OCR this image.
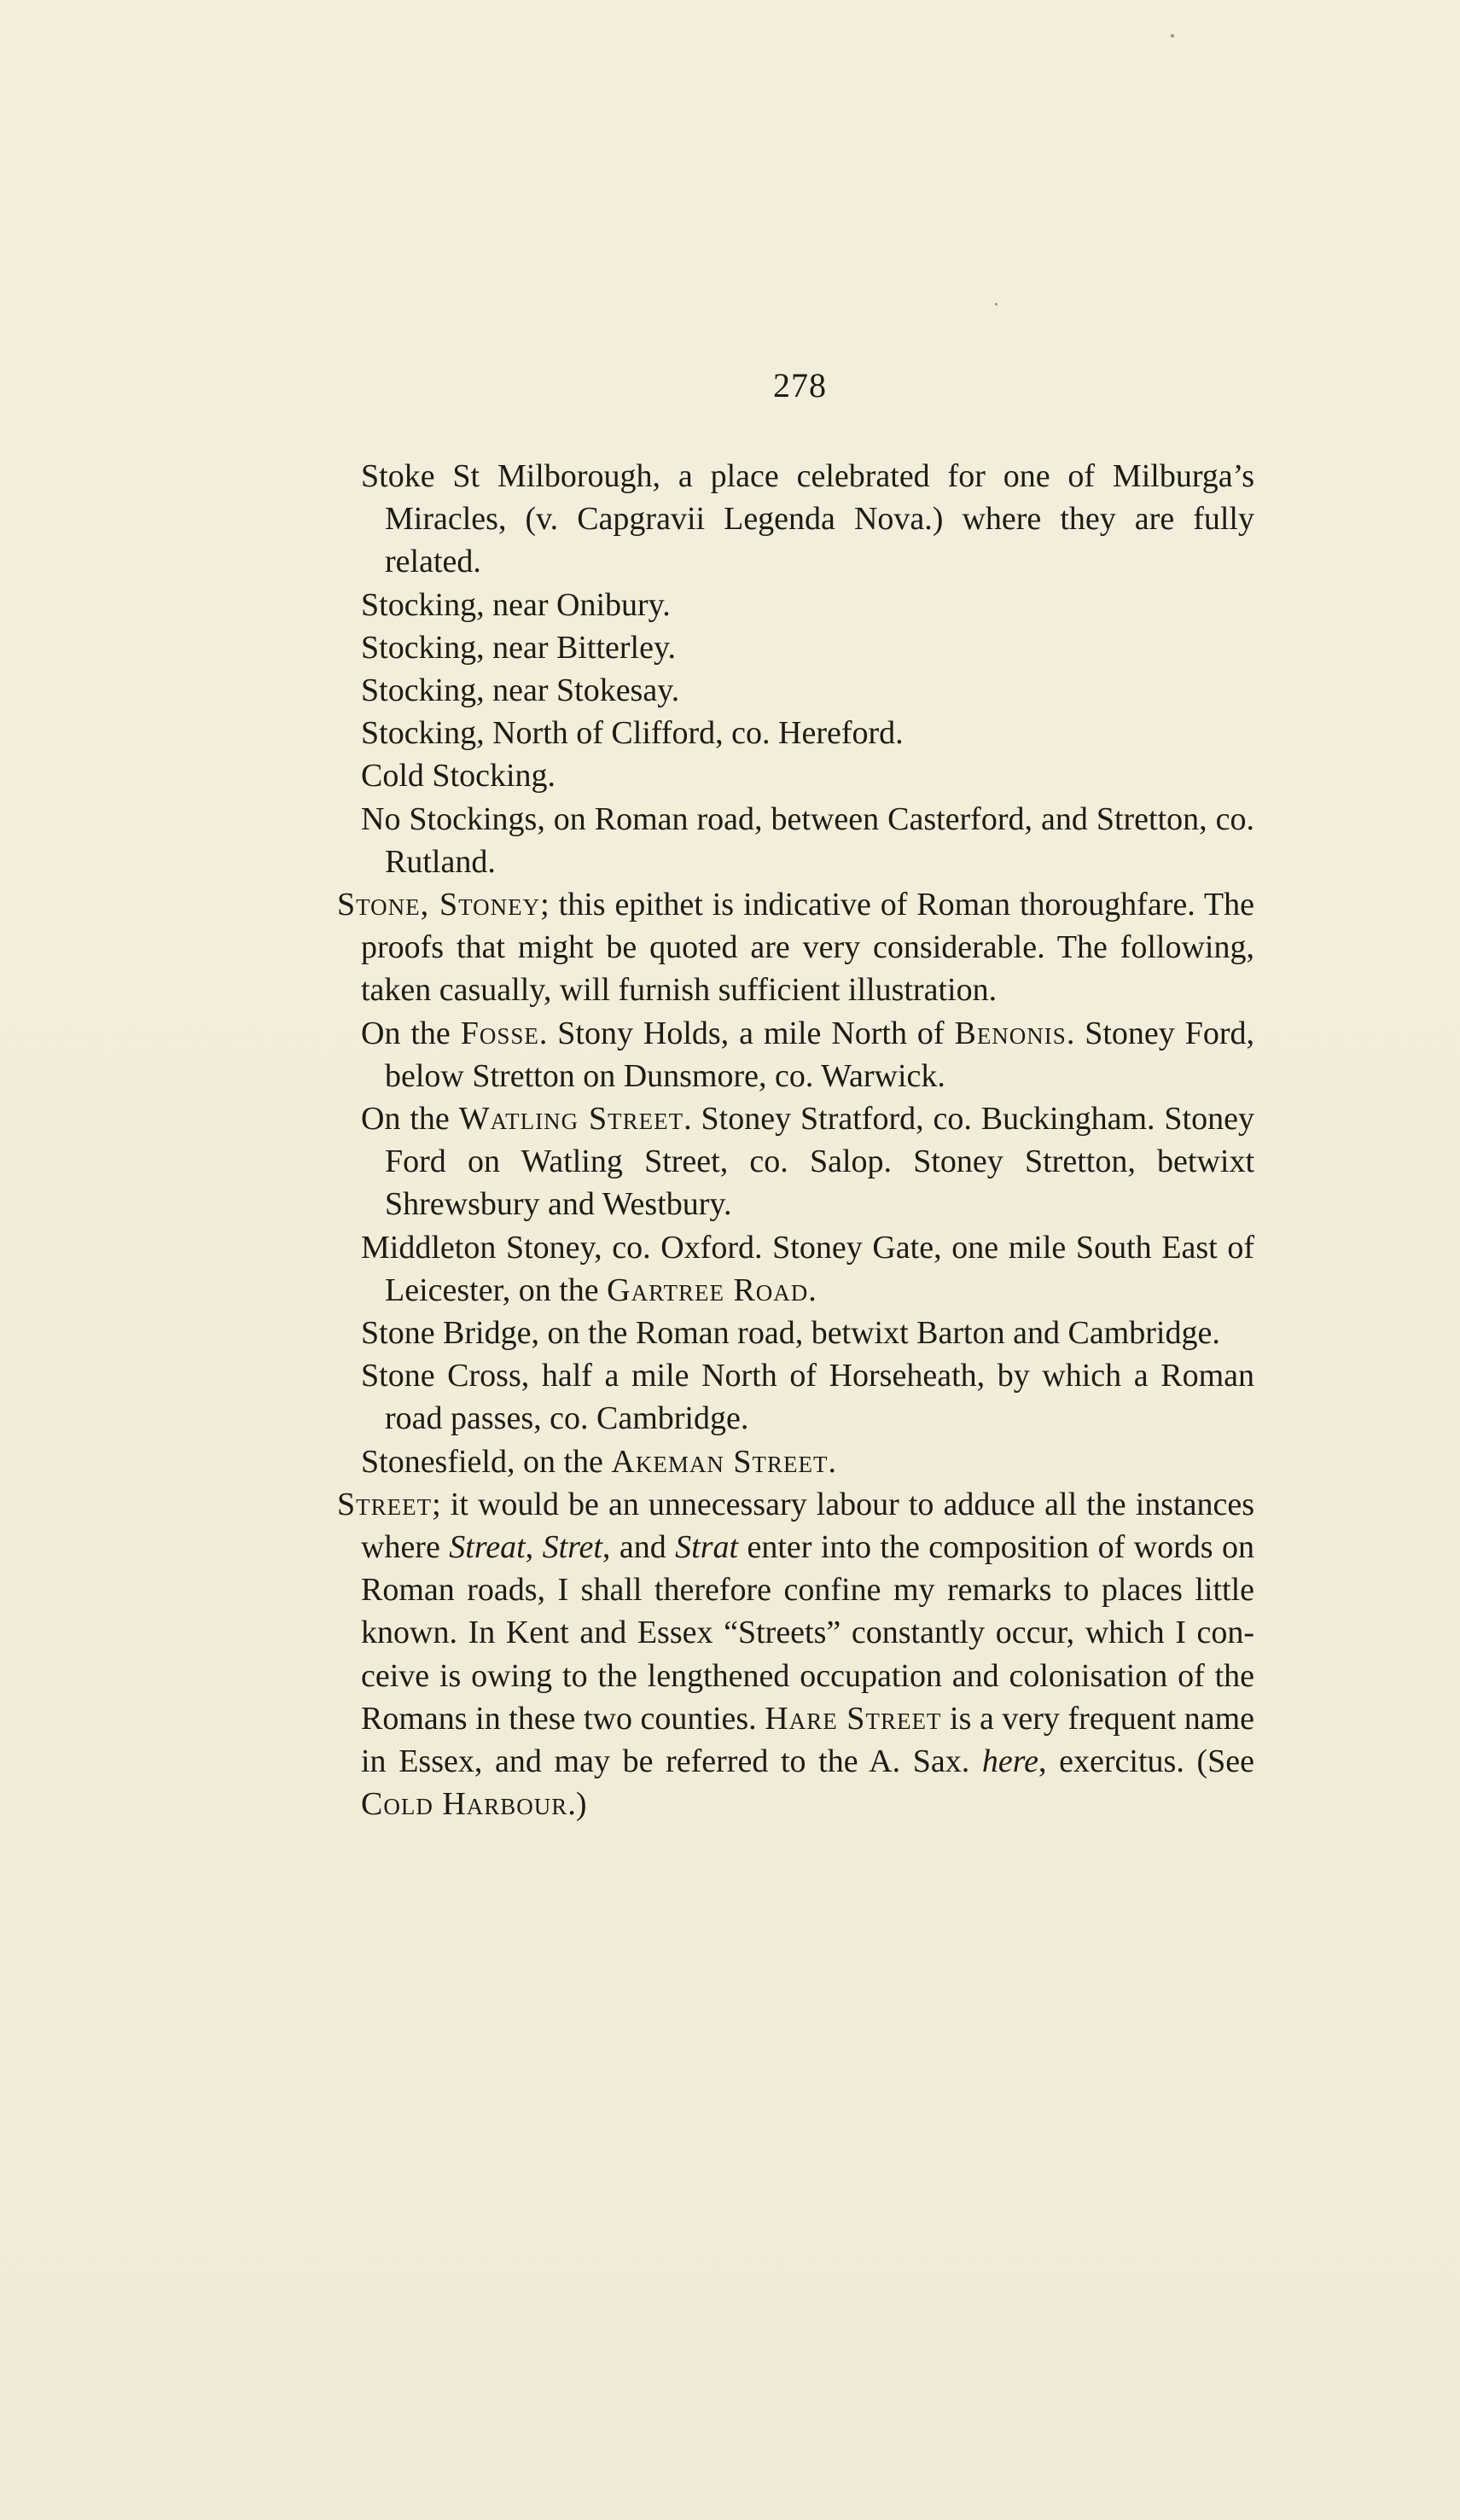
278
Stoke St Milborough, a place celebrated for one of Milburga’s Miracles, (v. Capgravii Legenda Nova.) where they are fully related.
Stocking, near Onibury.
Stocking, near Bitterley.
Stocking, near Stokesay.
Stocking, North of Clifford, co. Hereford.
Cold Stocking.
No Stockings, on Roman road, between Casterford, and Stretton, co. Rutland.
Stone, Stoney; this epithet is indicative of Roman thoroughfare. The proofs that might be quoted are very considerable. The following, taken casually, will furnish sufficient illustration.
On the Fosse. Stony Holds, a mile North of Benonis. Stoney Ford, below Stretton on Dunsmore, co. Warwick.
On the Watling Street. Stoney Stratford, co. Buckingham. Stoney Ford on Watling Street, co. Salop. Stoney Stretton, betwixt Shrewsbury and Westbury.
Middleton Stoney, co. Oxford. Stoney Gate, one mile South East of Leicester, on the Gartree Road.
Stone Bridge, on the Roman road, betwixt Barton and Cambridge.
Stone Cross, half a mile North of Horseheath, by which a Roman road passes, co. Cambridge.
Stonesfield, on the Akeman Street.
Street; it would be an unnecessary labour to adduce all the instances where Streat, Stret, and Strat enter into the composition of words on Roman roads, I shall therefore confine my remarks to places little known. In Kent and Essex “Streets” constantly occur, which I conceive is owing to the lengthened occupation and colonisation of the Romans in these two counties. Hare Street is a very frequent name in Essex, and may be referred to the A. Sax. here, exercitus. (See Cold Harbour.)
